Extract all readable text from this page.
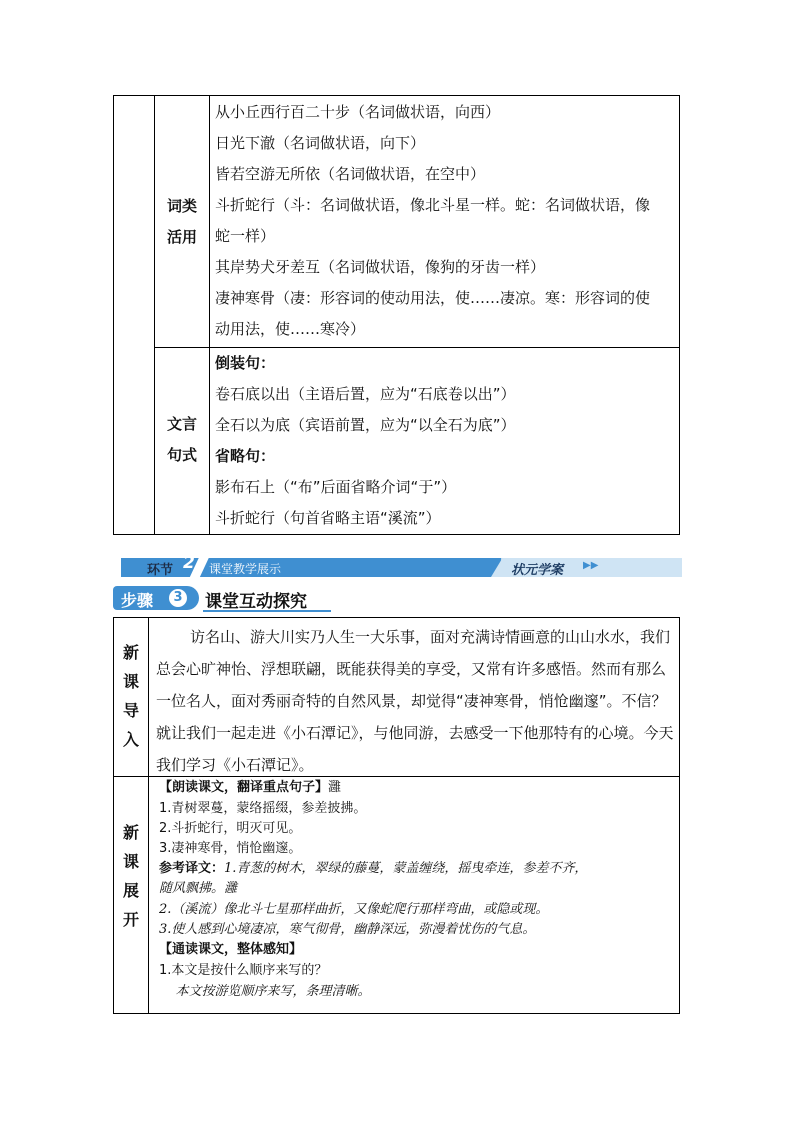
词类
活用
从小丘西行百二十步（名词做状语，向西）
日光下澈（名词做状语，向下）
皆若空游无所依（名词做状语，在空中）
斗折蛇行（斗：名词做状语，像北斗星一样。蛇：名词做状语，像
蛇一样）
其岸势犬牙差互（名词做状语，像狗的牙齿一样）
凄神寒骨（凄：形容词的使动用法，使……凄凉。寒：形容词的使
动用法，使……寒冷）
文言
句式
倒装句：
卷石底以出（主语后置，应为“石底卷以出”）
全石以为底（宾语前置，应为“以全石为底”）
省略句：
影布石上（“布”后面省略介词“于”）
斗折蛇行（句首省略主语“溪流”）
环节 2 课堂教学展示	状元学案 ▶▶
步骤	3 课堂互动探究
新
课
导
入
访名山、游大川实乃人生一大乐事，面对充满诗情画意的山山水水，我们总会心旷神怡、浮想联翩，既能获得美的享受，又常有许多感悟。然而有那么一位名人，面对秀丽奇特的自然风景，却觉得“凄神寒骨，悄怆幽邃”。不信？就让我们一起走进《小石潭记》，与他同游，去感受一下他那特有的心境。今天我们学习《小石潭记》。
新
课
展
开
【朗读课文，翻译重点句子】灉
1.青树翠蔓，蒙络摇缀，参差披拂。
2.斗折蛇行，明灭可见。
3.凄神寒骨，悄怆幽邃。
参考译文：1.青葱的树木，翠绿的藤蔓，蒙盖缠绕，摇曳牵连，参差不齐，
随风飘拂。灉
2.（溪流）像北斗七星那样曲折，又像蛇爬行那样弯曲，或隐或现。
3.使人感到心境凄凉，寒气彻骨，幽静深远，弥漫着忧伤的气息。
【通读课文，整体感知】
1.本文是按什么顺序来写的？
本文按游览顺序来写，条理清晰。
